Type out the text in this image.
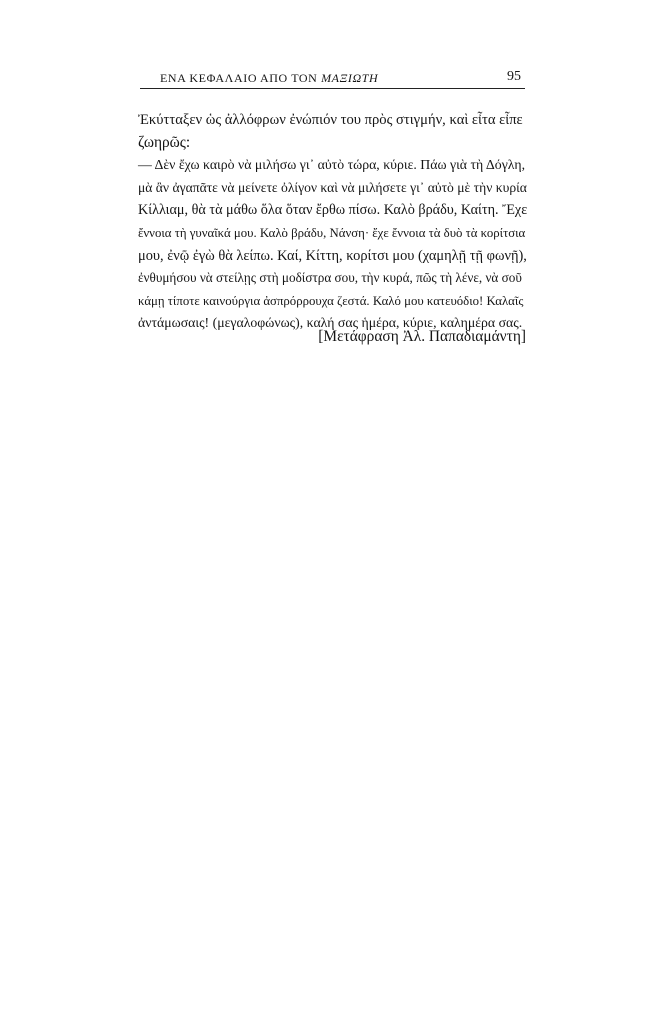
ΕΝΑ ΚΕΦΑΛΑΙΟ ΑΠΟ ΤΟΝ ΜΑΞΙΩΤΗ	95
Ἐκύτταξεν ὡς ἀλλόφρων ἐνώπιόν του πρὸς στιγμήν, καὶ εἶτα εἶπε
ζωηρῶς:
— Δὲν ἔχω καιρὸ νὰ μιλήσω γι᾽ αὐτὸ τώρα, κύριε. Πάω γιὰ τὴ Δόγλη,
μὰ ἂν ἀγαπᾶτε νὰ μείνετε ὀλίγον καὶ νὰ μιλήσετε γι᾽ αὐτὸ μὲ τὴν κυρία
Κίλλιαμ, θὰ τὰ μάθω ὅλα ὅταν ἔρθω πίσω. Καλὸ βράδυ, Καίτη. Ἔχε
ἔννοια τὴ γυναῖκά μου. Καλὸ βράδυ, Νάνση· ἔχε ἔννοια τὰ δυὸ τὰ κορίτσια
μου, ἐνῷ ἐγὼ θὰ λείπω. Καί, Κίττη, κορίτσι μου (χαμηλῇ τῇ φωνῇ),
ἐνθυμήσου νὰ στείλῃς στὴ μοδίστρα σου, τὴν κυρά, πῶς τὴ λένε, νὰ σοῦ
κάμῃ τίποτε καινούργια ἀσπρόρρουχα ζεστά. Καλό μου κατευόδιο! Καλαῖς
ἀντάμωσαις! (μεγαλοφώνως), καλή σας ἡμέρα, κύριε, καλημέρα σας.
[Μετάφραση Ἀλ. Παπαδιαμάντη]
